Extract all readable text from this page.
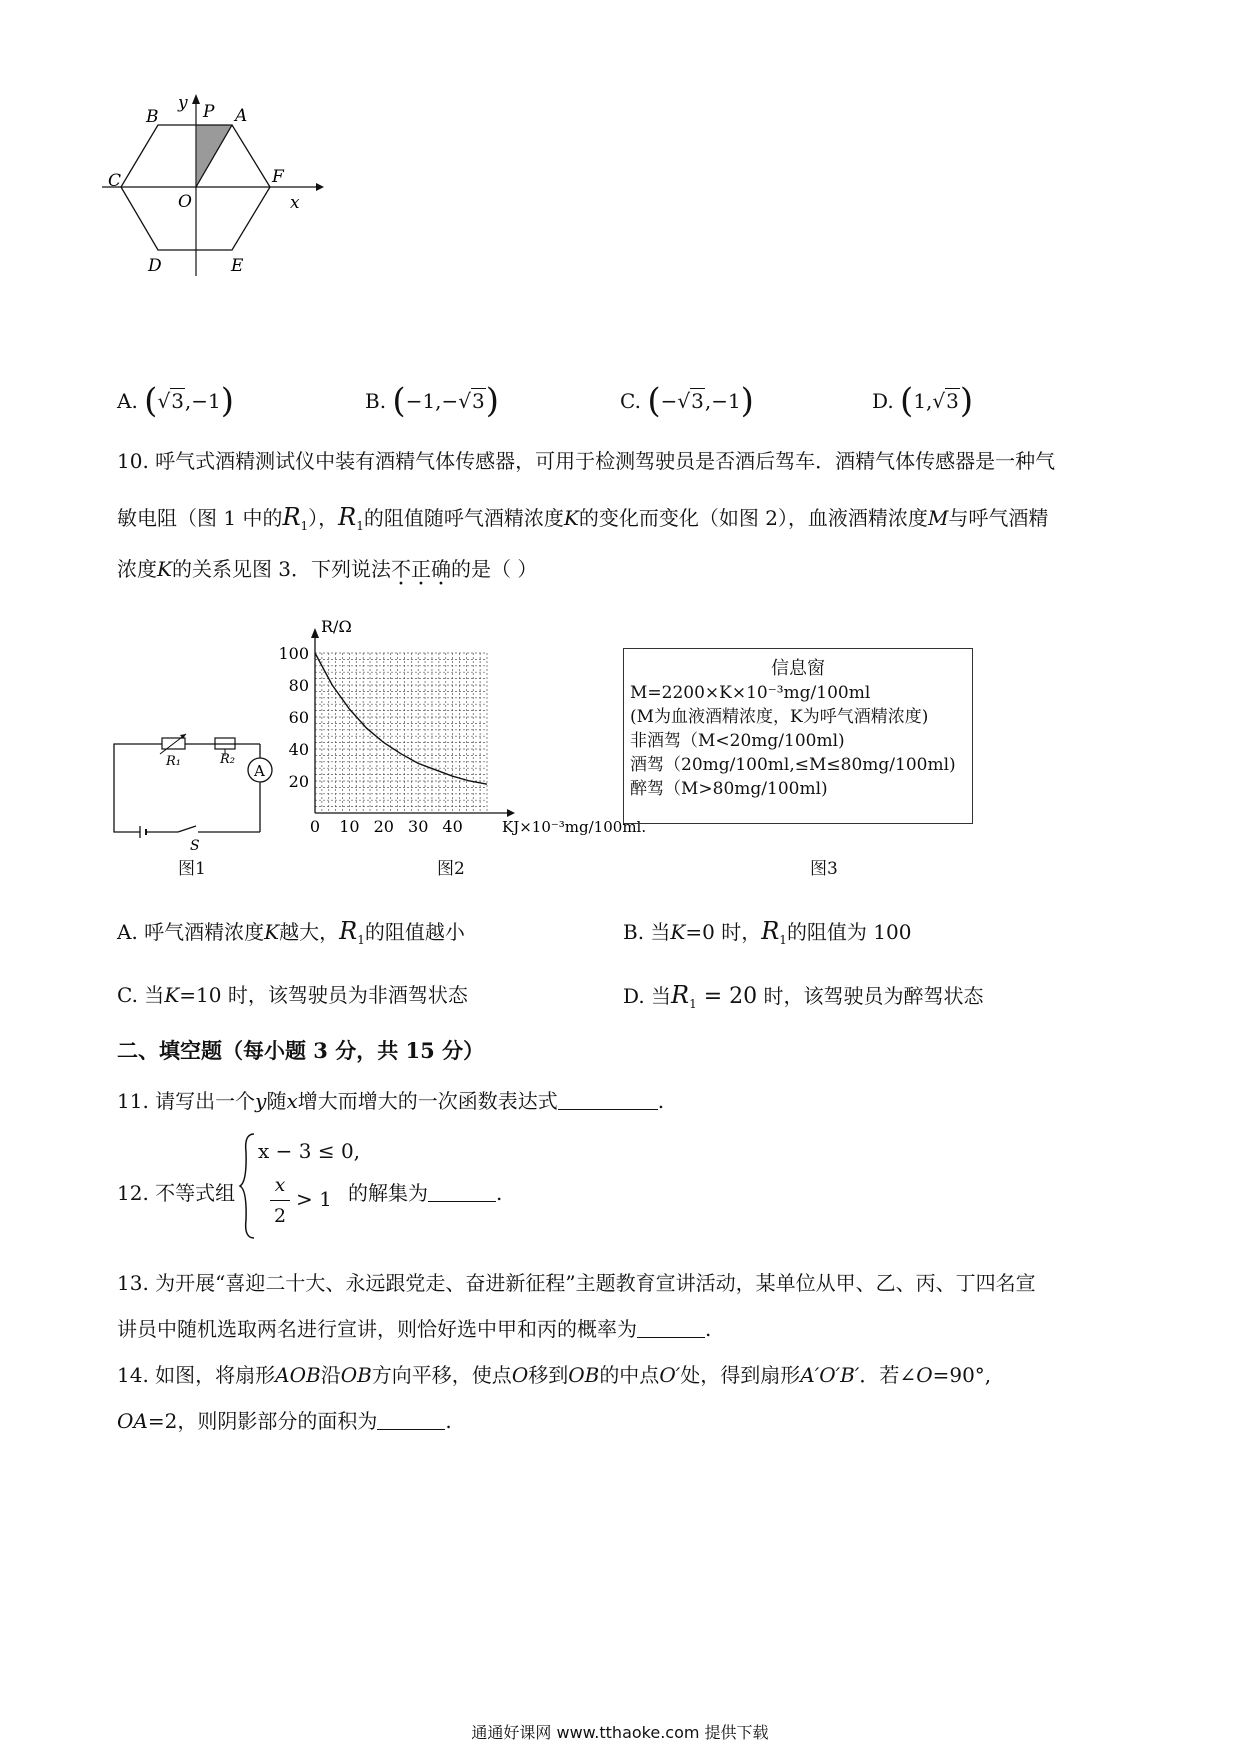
y P A
B
C	F
O	x
D	E
A. (√3,−1)	B. (−1,−√3)	C. (−√3,−1)	D. (1,√3)
10. 呼气式酒精测试仪中装有酒精气体传感器，可用于检测驾驶员是否酒后驾车．酒精气体传感器是一种气
敏电阻（图 1 中的$R_1$），$R_1$的阻值随呼气酒精浓度K的变化而变化（如图 2），血液酒精浓度M与呼气酒精
浓度K的关系见图 3．下列说法不正确的是（ ）
A
R₁	R₂
S
图1
R/Ω
KJ×10⁻³mg/100ml.
20
40
60
80
100
0 10 20 30 40
图2
信息窗
M=2200×K×10⁻³mg/100ml
(M为血液酒精浓度，K为呼气酒精浓度)
非酒驾（M<20mg/100ml)
酒驾（20mg/100ml,≤M≤80mg/100ml)
醉驾（M>80mg/100ml)
图3
A. 呼气酒精浓度K越大，$R_1$的阻值越小	B. 当K=0 时，$R_1$的阻值为 100
C. 当K=10 时，该驾驶员为非酒驾状态	D. 当$R_1 = 20$ 时，该驾驶员为醉驾状态
二、填空题（每小题 3 分，共 15 分）
11. 请写出一个y随x增大而增大的一次函数表达式	.
12. 不等式组
x − 3 ≤ 0,
x
2
> 1 的解集为	.
13. 为开展“喜迎二十大、永远跟党走、奋进新征程”主题教育宣讲活动，某单位从甲、乙、丙、丁四名宣
讲员中随机选取两名进行宣讲，则恰好选中甲和丙的概率为	.
14. 如图，将扇形AOB沿OB方向平移，使点O移到OB的中点O′处，得到扇形A′O′B′．若∠O=90°,
OA=2，则阴影部分的面积为	.
通通好课网 www.tthaoke.com 提供下载
